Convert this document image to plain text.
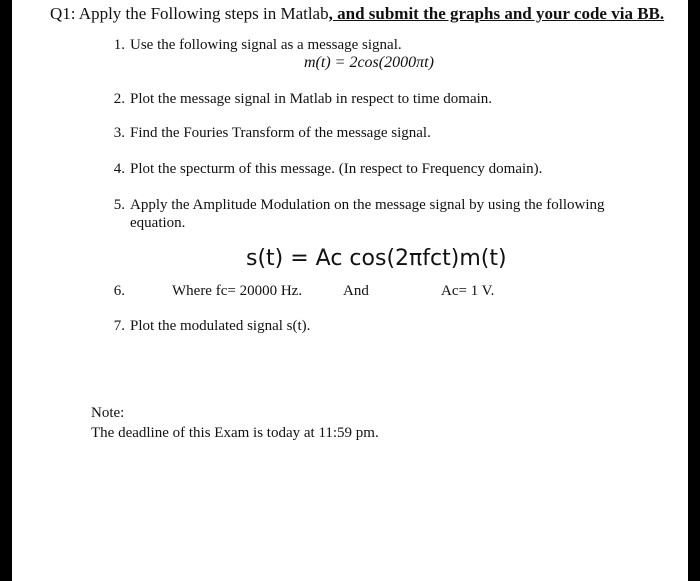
Q1: Apply the Following steps in Matlab, and submit the graphs and your code via BB.
1. Use the following signal as a message signal.
m(t) = 2cos(2000πt)
2. Plot the message signal in Matlab in respect to time domain.
3. Find the Fouries Transform of the message signal.
4. Plot the specturm of this message. (In respect to Frequency domain).
5. Apply the Amplitude Modulation on the message signal by using the following
equation.
s(t) = Ac cos(2πfct)m(t)
6.	Where fc= 20000 Hz.	And	Ac= 1 V.
7. Plot the modulated signal s(t).
Note:
The deadline of this Exam is today at 11:59 pm.
